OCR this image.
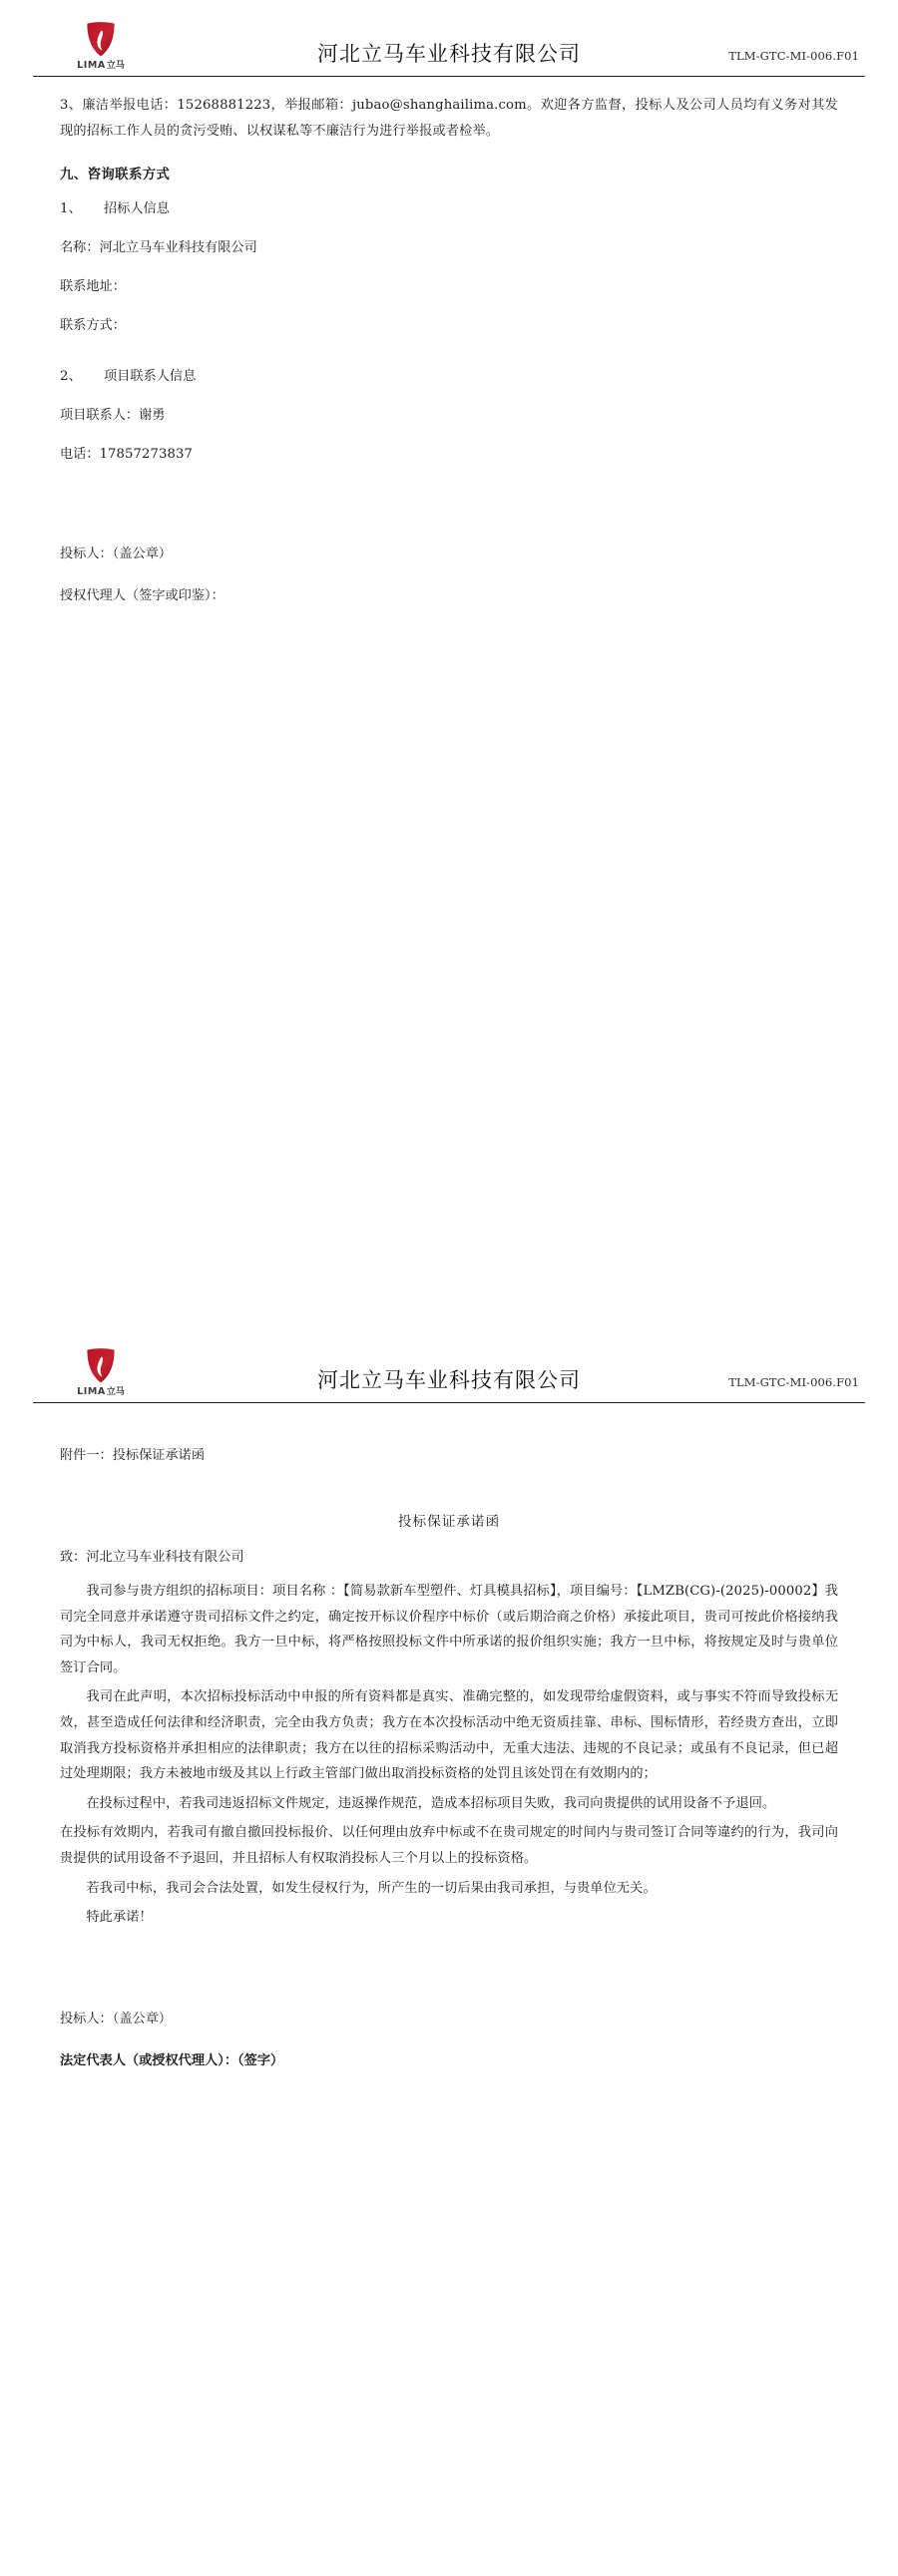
LIMA立马	河北立马车业科技有限公司	TLM-GTC-MI-006.F01

3、廉洁举报电话：15268881223，举报邮箱：jubao@shanghailima.com。欢迎各方监督，投标人及公司人员均有义务对其发现的招标工作人员的贪污受贿、以权谋私等不廉洁行为进行举报或者检举。

九、咨询联系方式

1、 招标人信息

名称：河北立马车业科技有限公司

联系地址：

联系方式：

2、 项目联系人信息

项目联系人：谢勇

电话：17857273837

投标人：（盖公章）

授权代理人（签字或印鉴）：

LIMA立马	河北立马车业科技有限公司	TLM-GTC-MI-006.F01

附件一：投标保证承诺函

投标保证承诺函

致：河北立马车业科技有限公司

我司参与贵方组织的招标项目：项目名称 ：【简易款新车型塑件、灯具模具招标】，项目编号：【LMZB(CG)-(2025)-00002】我司完全同意并承诺遵守贵司招标文件之约定，确定按开标议价程序中标价（或后期洽商之价格）承接此项目，贵司可按此价格接纳我司为中标人，我司无权拒绝。我方一旦中标，将严格按照投标文件中所承诺的报价组织实施；我方一旦中标，将按规定及时与贵单位签订合同。

我司在此声明，本次招标投标活动中申报的所有资料都是真实、准确完整的，如发现带给虚假资料，或与事实不符而导致投标无效，甚至造成任何法律和经济职责，完全由我方负责；我方在本次投标活动中绝无资质挂靠、串标、围标情形，若经贵方查出，立即取消我方投标资格并承担相应的法律职责；我方在以往的招标采购活动中，无重大违法、违规的不良记录；或虽有不良记录，但已超过处理期限；我方未被地市级及其以上行政主管部门做出取消投标资格的处罚且该处罚在有效期内的；

在投标过程中，若我司违返招标文件规定，违返操作规范，造成本招标项目失败，我司向贵提供的试用设备不予退回。

在投标有效期内，若我司有撤自撤回投标报价、以任何理由放弃中标或不在贵司规定的时间内与贵司签订合同等違约的行为，我司向贵提供的试用设备不予退回，并且招标人有权取消投标人三个月以上的投标资格。

若我司中标，我司会合法处置，如发生侵权行为，所产生的一切后果由我司承担，与贵单位无关。

特此承诺！

投标人：（盖公章）

法定代表人（或授权代理人）：（签字）
